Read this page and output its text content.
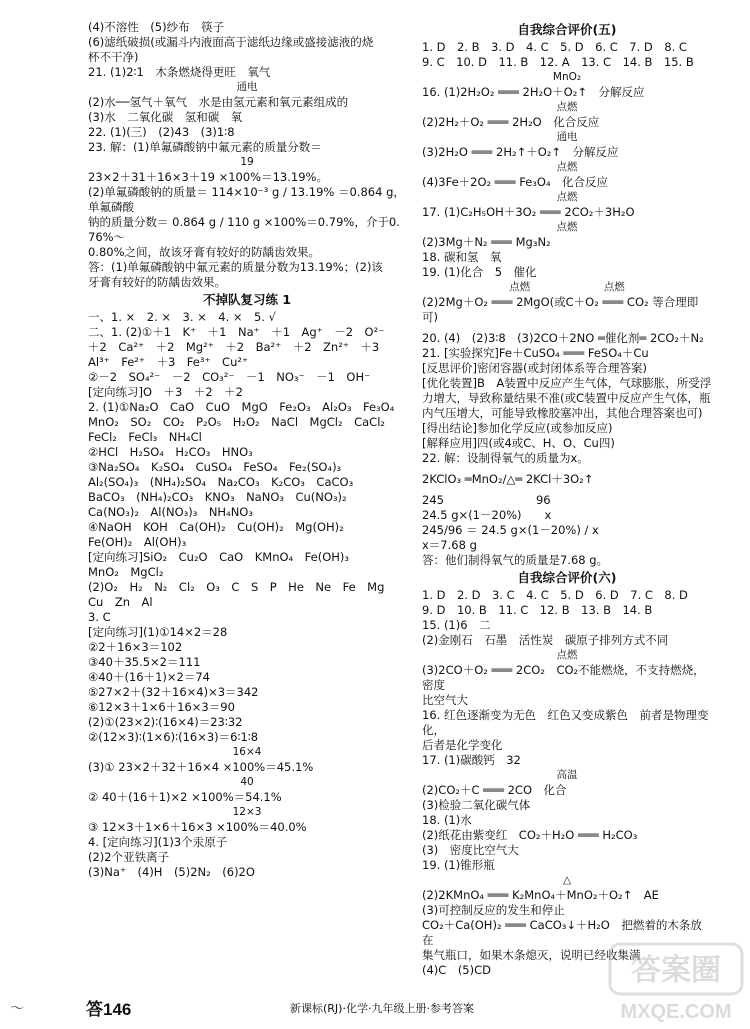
(4)不溶性　(5)纱布　筷子
(6)滤纸破损(或漏斗内液面高于滤纸边缘或盛接滤液的烧
杯不干净)
21. (1)2∶1　木条燃烧得更旺　氧气
通电
(2)水──氢气＋氧气　水是由氢元素和氧元素组成的
(3)水　二氧化碳　氢和碳　氧
22. (1)(三)　(2)43　(3)1∶8
23. 解：(1)单氟磷酸钠中氟元素的质量分数＝
19
23×2＋31＋16×3＋19 ×100%＝13.19%。
(2)单氟磷酸钠的质量＝ 114×10⁻³ g / 13.19% ＝0.864 g，单氟磷酸
钠的质量分数＝ 0.864 g / 110 g ×100%＝0.79%，介于0.76%～
0.80%之间，故该牙膏有较好的防龋齿效果。
答：(1)单氟磷酸钠中氟元素的质量分数为13.19%；(2)该
牙膏有较好的防龋齿效果。
不掉队复习练 1
一、1. ×　2. ×　3. ×　4. ×　5. √
二、1. (2)①＋1　K⁺　＋1　Na⁺　＋1　Ag⁺　－2　O²⁻
＋2　Ca²⁺　＋2　Mg²⁺　＋2　Ba²⁺　＋2　Zn²⁺　＋3
Al³⁺　Fe²⁺　＋3　Fe³⁺　Cu²⁺
②－2　SO₄²⁻　－2　CO₃²⁻　－1　NO₃⁻　－1　OH⁻
[定向练习]O　＋3　＋2　＋2
2. (1)①Na₂O　CaO　CuO　MgO　Fe₂O₃　Al₂O₃　Fe₃O₄
MnO₂　SO₂　CO₂　P₂O₅　H₂O₂　NaCl　MgCl₂　CaCl₂
FeCl₂　FeCl₃　NH₄Cl
②HCl　H₂SO₄　H₂CO₃　HNO₃
③Na₂SO₄　K₂SO₄　CuSO₄　FeSO₄　Fe₂(SO₄)₃
Al₂(SO₄)₃　(NH₄)₂SO₄　Na₂CO₃　K₂CO₃　CaCO₃
BaCO₃　(NH₄)₂CO₃　KNO₃　NaNO₃　Cu(NO₃)₂
Ca(NO₃)₂　Al(NO₃)₃　NH₄NO₃
④NaOH　KOH　Ca(OH)₂　Cu(OH)₂　Mg(OH)₂
Fe(OH)₂　Al(OH)₃
[定向练习]SiO₂　Cu₂O　CaO　KMnO₄　Fe(OH)₃
MnO₂　MgCl₂
(2)O₂　H₂　N₂　Cl₂　O₃　C　S　P　He　Ne　Fe　Mg
Cu　Zn　Al
3. C
[定向练习](1)①14×2＝28
②2＋16×3＝102
③40＋35.5×2＝111
④40＋(16＋1)×2＝74
⑤27×2＋(32＋16×4)×3＝342
⑥12×3＋1×6＋16×3＝90
(2)①(23×2)∶(16×4)＝23∶32
②(12×3)∶(1×6)∶(16×3)＝6∶1∶8
16×4
(3)① 23×2＋32＋16×4 ×100%＝45.1%
40
② 40＋(16＋1)×2 ×100%＝54.1%
12×3
③ 12×3＋1×6＋16×3 ×100%＝40.0%
4. [定向练习](1)3个汞原子
(2)2个亚铁离子
(3)Na⁺　(4)H　(5)2N₂　(6)2O
自我综合评价(五)
1. D　2. B　3. D　4. C　5. D　6. C　7. D　8. C
9. C　10. D　11. B　12. A　13. C　14. B　15. B
MnO₂
16. (1)2H₂O₂ ═══ 2H₂O＋O₂↑　分解反应
点燃
(2)2H₂＋O₂ ═══ 2H₂O　化合反应
通电
(3)2H₂O ═══ 2H₂↑＋O₂↑　分解反应
点燃
(4)3Fe＋2O₂ ═══ Fe₃O₄　化合反应
点燃
17. (1)C₂H₅OH＋3O₂ ═══ 2CO₂＋3H₂O
点燃
(2)3Mg＋N₂ ═══ Mg₃N₂
18. 碳和氢　氧
19. (1)化合　5　催化
点燃　　　　　　　点燃
(2)2Mg＋O₂ ═══ 2MgO(或C＋O₂ ═══ CO₂ 等合理即可)
20. (4)　(2)3∶8　(3)2CO＋2NO ═催化剂═ 2CO₂＋N₂
21. [实验探究]Fe＋CuSO₄ ═══ FeSO₄＋Cu
[反思评价]密闭容器(或封闭体系等合理答案)
[优化装置]B　A装置中反应产生气体，气球膨胀，所受浮
力增大，导致称量结果不准(或C装置中反应产生气体，瓶
内气压增大，可能导致橡胶塞冲出，其他合理答案也可)
[得出结论]参加化学反应(或参加反应)
[解释应用]四(或4或C、H、O、Cu四)
22. 解：设制得氧气的质量为x。
2KClO₃ ═MnO₂/△═ 2KCl＋3O₂↑
245　　　　　　　　96
24.5 g×(1－20%)　　x
245/96 ＝ 24.5 g×(1－20%) / x
x＝7.68 g
答：他们制得氧气的质量是7.68 g。
自我综合评价(六)
1. D　2. D　3. C　4. C　5. D　6. D　7. C　8. D
9. D　10. B　11. C　12. B　13. B　14. B
15. (1)6　二
(2)金刚石　石墨　活性炭　碳原子排列方式不同
点燃
(3)2CO＋O₂ ═══ 2CO₂　CO₂不能燃烧，不支持燃烧，密度
比空气大
16. 红色逐渐变为无色　红色又变成紫色　前者是物理变化，
后者是化学变化
17. (1)碳酸钙　32
高温
(2)CO₂＋C ═══ 2CO　化合
(3)检验二氧化碳气体
18. (1)水
(2)纸花由紫变红　CO₂＋H₂O ═══ H₂CO₃
(3)　密度比空气大
19. (1)锥形瓶
△
(2)2KMnO₄ ═══ K₂MnO₄＋MnO₂＋O₂↑　AE
(3)可控制反应的发生和停止
CO₂＋Ca(OH)₂ ═══ CaCO₃↓＋H₂O　把燃着的木条放在
集气瓶口，如果木条熄灭，说明已经收集满
(4)C　(5)CD
〜	答146	新课标(RJ)·化学·九年级上册·参考答案
答案圈
MXQE.COM
